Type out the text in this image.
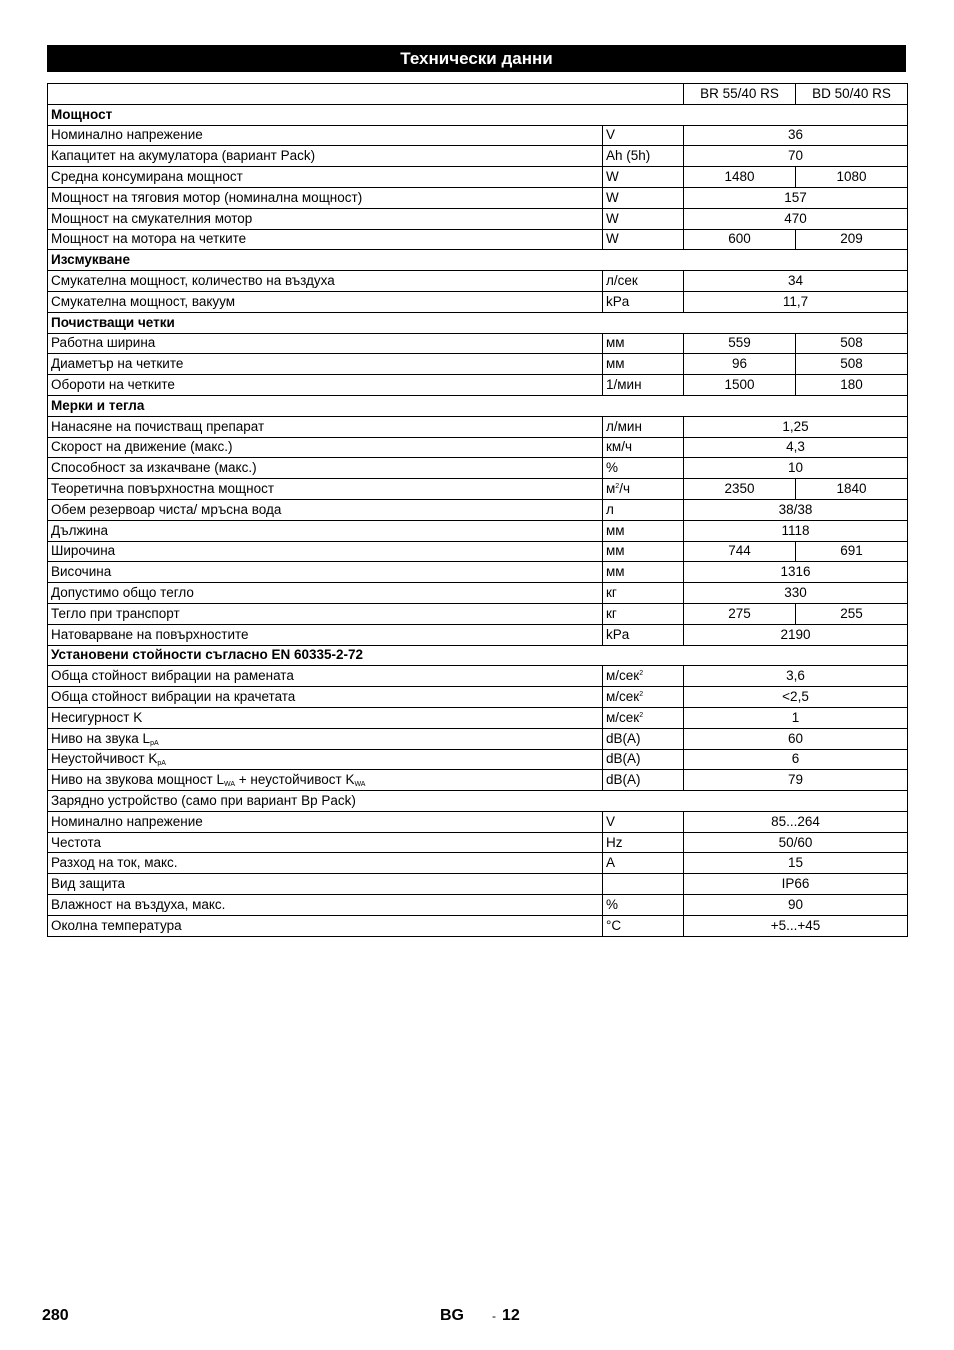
Технически данни
		BR 55/40 RS	BD 50/40 RS
Мощност			
Номинално напрежение	V	36	
Капацитет на акумулатора (вариант Pack)	Ah (5h)	70	
Средна консумирана мощност	W	1480	1080
Мощност на тяговия мотор (номинална мощност)	W	157	
Мощност на смукателния мотор	W	470	
Мощност на мотора на четките	W	600	209
Изсмукване			
Смукателна мощност, количество на въздуха	л/сек	34	
Смукателна мощност, вакуум	kPa	11,7	
Почистващи четки			
Работна ширина	мм	559	508
Диаметър на четките	мм	96	508
Обороти на четките	1/мин	1500	180
Мерки и тегла			
Нанасяне на почистващ препарат	л/мин	1,25	
Скорост на движение (макс.)	км/ч	4,3	
Способност за изкачване (макс.)	%	10	
Теоретична повърхностна мощност	$м^2/ч$	2350	1840
Обем резервоар чиста/ мръсна вода	л	38/38	
Дължина	мм	1118	
Широчина	мм	744	691
Височина	мм	1316	
Допустимо общо тегло	кг	330	
Тегло при транспорт	кг	275	255
Натоварване на повърхностите	kPa	2190	
Установени стойности съгласно EN 60335-2-72			
Обща стойност вибрации на рамената	м/сек$^2$	3,6	
Обща стойност вибрации на крачетата	м/сек$^2$	<2,5	
Несигурност K	м/сек$^2$	1	
Ниво на звука $L_{pA}$	dB(A)	60	
Неустойчивост $K_{pA}$	dB(A)	6	
Ниво на звукова мощност $L_{WA}$ + неустойчивост $K_{WA}$	dB(A)	79	
Зарядно устройство (само при вариант Bp Pack)			
Номинално напрежение	V	85...264	
Честота	Hz	50/60	
Разход на ток, макс.	A	15	
Вид защита		IP66	
Влажност на въздуха, макс.	%	90	
Околна температура	°C	+5...+45	
280	BG - 12
